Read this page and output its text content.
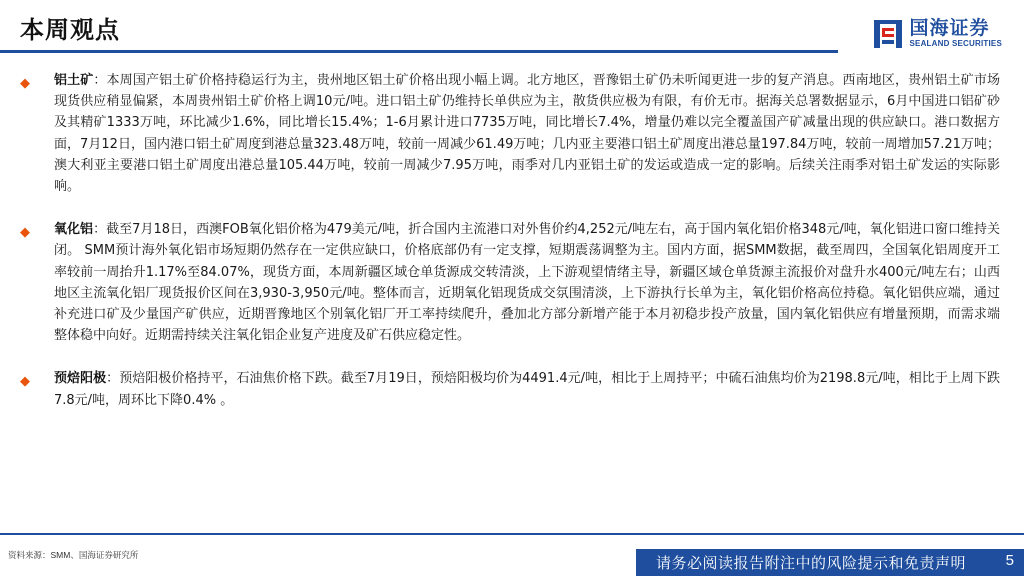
本周观点	国海证券
SEALAND SECURITIES
◆ 铝土矿：本周国产铝土矿价格持稳运行为主，贵州地区铝土矿价格出现小幅上调。北方地区，晋豫铝土矿仍未听闻更进一步的复产消息。西南地区，贵州铝土矿市场现货供应稍显偏紧，本周贵州铝土矿价格上调10元/吨。进口铝土矿仍维持长单供应为主，散货供应极为有限，有价无市。据海关总署数据显示，6月中国进口铝矿砂及其精矿1333万吨，环比减少1.6%，同比增长15.4%；1-6月累计进口7735万吨，同比增长7.4%，增量仍难以完全覆盖国产矿减量出现的供应缺口。港口数据方面，7月12日，国内港口铝土矿周度到港总量323.48万吨，较前一周减少61.49万吨；几内亚主要港口铝土矿周度出港总量197.84万吨，较前一周增加57.21万吨；澳大利亚主要港口铝土矿周度出港总量105.44万吨，较前一周减少7.95万吨，雨季对几内亚铝土矿的发运或造成一定的影响。后续关注雨季对铝土矿发运的实际影响。
◆ 氧化铝：截至7月18日，西澳FOB氧化铝价格为479美元/吨，折合国内主流港口对外售价约4,252元/吨左右，高于国内氧化铝价格348元/吨，氧化铝进口窗口维持关闭。 SMM预计海外氧化铝市场短期仍然存在一定供应缺口，价格底部仍有一定支撑，短期震荡调整为主。国内方面，据SMM数据，截至周四，全国氧化铝周度开工率较前一周抬升1.17%至84.07%，现货方面，本周新疆区域仓单货源成交转清淡，上下游观望情绪主导，新疆区域仓单货源主流报价对盘升水400元/吨左右；山西地区主流氧化铝厂现货报价区间在3,930-3,950元/吨。整体而言，近期氧化铝现货成交氛围清淡，上下游执行长单为主，氧化铝价格高位持稳。氧化铝供应端，通过补充进口矿及少量国产矿供应，近期晋豫地区个别氧化铝厂开工率持续爬升，叠加北方部分新增产能于本月初稳步投产放量，国内氧化铝供应有增量预期，而需求端整体稳中向好。近期需持续关注氧化铝企业复产进度及矿石供应稳定性。
◆ 预焙阳极：预焙阳极价格持平，石油焦价格下跌。截至7月19日，预焙阳极均价为4491.4元/吨，相比于上周持平；中硫石油焦均价为2198.8元/吨，相比于上周下跌7.8元/吨，周环比下降0.4% 。
资料来源：SMM、国海证券研究所	请务必阅读报告附注中的风险提示和免责声明	5
